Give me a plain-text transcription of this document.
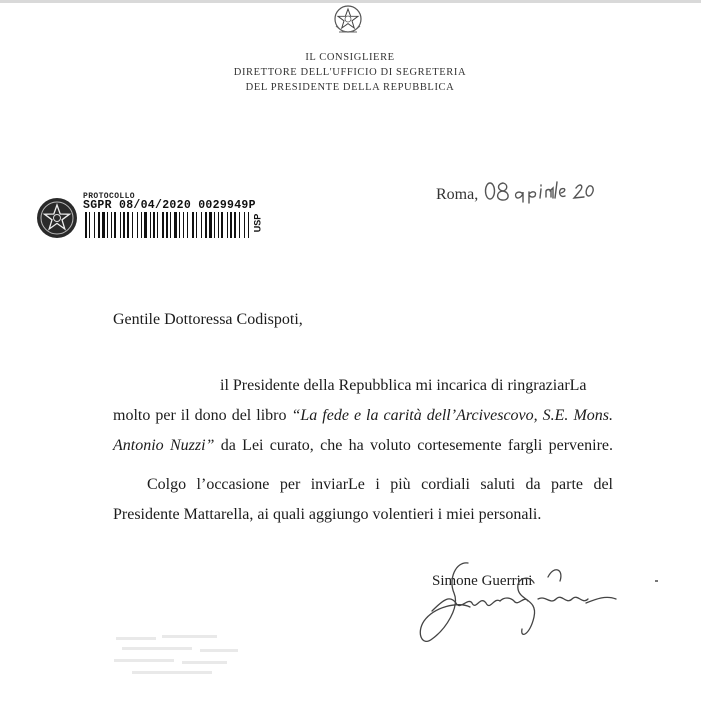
IL CONSIGLIERE
DIRETTORE DELL'UFFICIO DI SEGRETERIA
DEL PRESIDENTE DELLA REPUBBLICA
PROTOCOLLO
SGPR 08/04/2020 0029949P
USP
Roma,
Gentile Dottoressa Codispoti,
il Presidente della Repubblica mi incarica di ringraziarLa
molto per il dono del libro “La fede e la carità dell’Arcivescovo, S.E. Mons.
Antonio Nuzzi” da Lei curato, che ha voluto cortesemente fargli pervenire.
Colgo l’occasione per inviarLe i più cordiali saluti da parte del
Presidente Mattarella, ai quali aggiungo volentieri i miei personali.
Simone Guerrini
